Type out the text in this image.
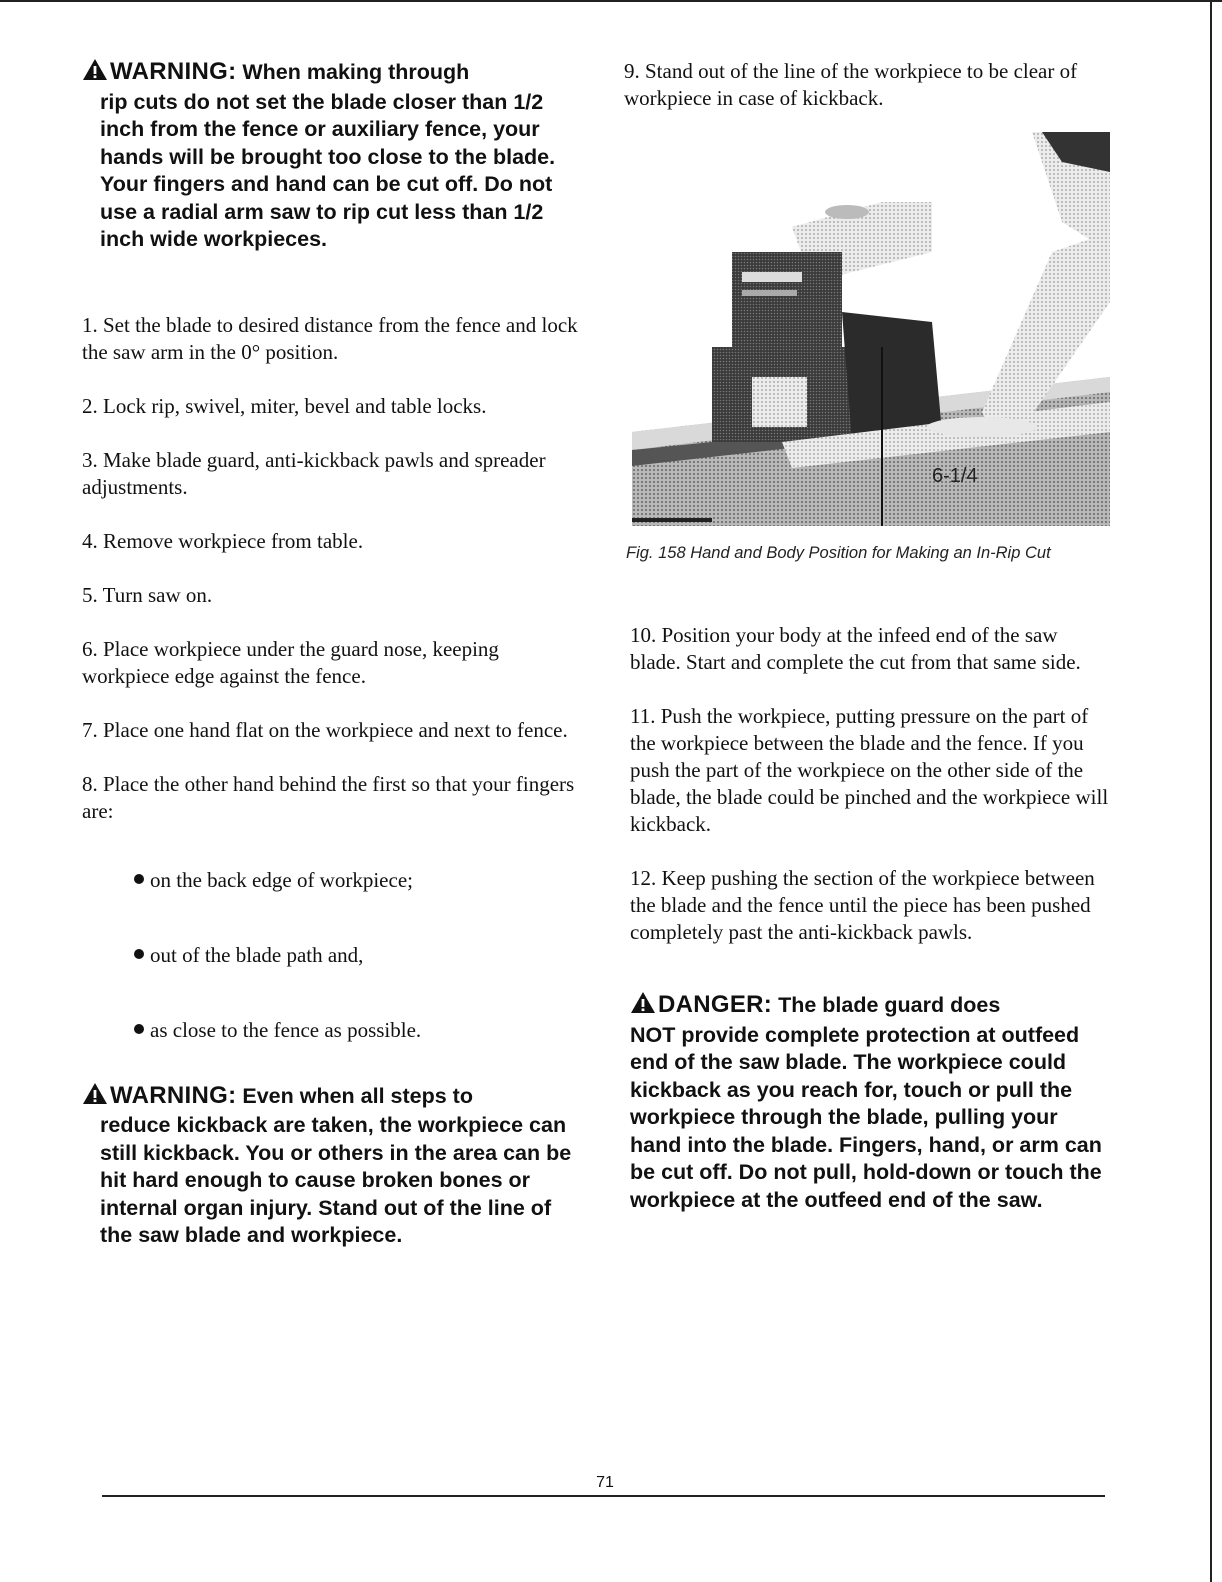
WARNING: When making through
rip cuts do not set the blade closer than 1/2 inch from the fence or auxiliary fence, your hands will be brought too close to the blade. Your fingers and hand can be cut off. Do not use a radial arm saw to rip cut less than 1/2 inch wide workpieces.
1. Set the blade to desired distance from the fence and lock the saw arm in the 0° position.
2. Lock rip, swivel, miter, bevel and table locks.
3. Make blade guard, anti-kickback pawls and spreader adjustments.
4. Remove workpiece from table.
5. Turn saw on.
6. Place workpiece under the guard nose, keeping workpiece edge against the fence.
7. Place one hand flat on the workpiece and next to fence.
8. Place the other hand behind the first so that your fingers are:
on the back edge of workpiece;
out of the blade path and,
as close to the fence as possible.
WARNING: Even when all steps to
reduce kickback are taken, the workpiece can still kickback. You or others in the area can be hit hard enough to cause broken bones or internal organ injury. Stand out of the line of the saw blade and workpiece.
9. Stand out of the line of the workpiece to be clear of workpiece in case of kickback.
6-1/4
Fig. 158 Hand and Body Position for Making an In-Rip Cut
10. Position your body at the infeed end of the saw blade. Start and complete the cut from that same side.
11. Push the workpiece, putting pressure on the part of the workpiece between the blade and the fence. If you push the part of the workpiece on the other side of the blade, the blade could be pinched and the workpiece will kickback.
12. Keep pushing the section of the workpiece between the blade and the fence until the piece has been pushed completely past the anti-kickback pawls.
DANGER: The blade guard does
NOT provide complete protection at outfeed end of the saw blade. The workpiece could kickback as you reach for, touch or pull the workpiece through the blade, pulling your hand into the blade. Fingers, hand, or arm can be cut off. Do not pull, hold-down or touch the workpiece at the outfeed end of the saw.
71
